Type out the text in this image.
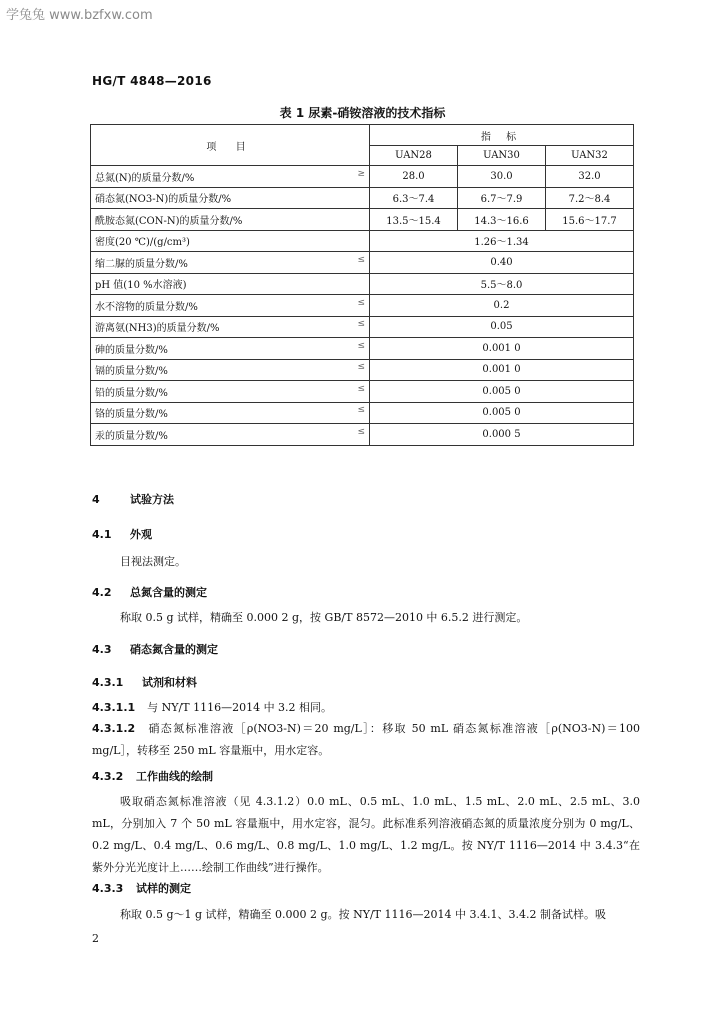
学兔兔 www.bzfxw.com
HG/T 4848—2016
表 1 尿素-硝铵溶液的技术指标
项 目	指 标		
	UAN28	UAN30	UAN32
总氮(N)的质量分数/% ≥	28.0	30.0	32.0
硝态氮(NO3-N)的质量分数/%	6.3～7.4	6.7～7.9	7.2～8.4
酰胺态氮(CON-N)的质量分数/%	13.5～15.4	14.3～16.6	15.6～17.7
密度(20 ℃)/(g/cm³)	1.26～1.34		
缩二脲的质量分数/% ≤	0.40		
pH 值(10 %水溶液)	5.5～8.0		
水不溶物的质量分数/% ≤	0.2		
游离氨(NH3)的质量分数/% ≤	0.05		
砷的质量分数/% ≤	0.001 0		
镉的质量分数/% ≤	0.001 0		
铅的质量分数/% ≤	0.005 0		
铬的质量分数/% ≤	0.005 0		
汞的质量分数/% ≤	0.000 5		
4	试验方法
4.1 外观
目视法测定。
4.2 总氮含量的测定
称取 0.5 g 试样，精确至 0.000 2 g，按 GB/T 8572—2010 中 6.5.2 进行测定。
4.3 硝态氮含量的测定
4.3.1 试剂和材料
4.3.1.1 与 NY/T 1116—2014 中 3.2 相同。
4.3.1.2 硝态氮标准溶液［ρ(NO3-N)＝20 mg/L］：移取 50 mL 硝态氮标准溶液［ρ(NO3-N)＝100 mg/L］，转移至 250 mL 容量瓶中，用水定容。
4.3.2 工作曲线的绘制
吸取硝态氮标准溶液（见 4.3.1.2）0.0 mL、0.5 mL、1.0 mL、1.5 mL、2.0 mL、2.5 mL、3.0 mL，分别加入 7 个 50 mL 容量瓶中，用水定容，混匀。此标准系列溶液硝态氮的质量浓度分别为 0 mg/L、0.2 mg/L、0.4 mg/L、0.6 mg/L、0.8 mg/L、1.0 mg/L、1.2 mg/L。按 NY/T 1116—2014 中 3.4.3“在紫外分光光度计上……绘制工作曲线”进行操作。
4.3.3 试样的测定
称取 0.5 g～1 g 试样，精确至 0.000 2 g。按 NY/T 1116—2014 中 3.4.1、3.4.2 制备试样。吸
2
